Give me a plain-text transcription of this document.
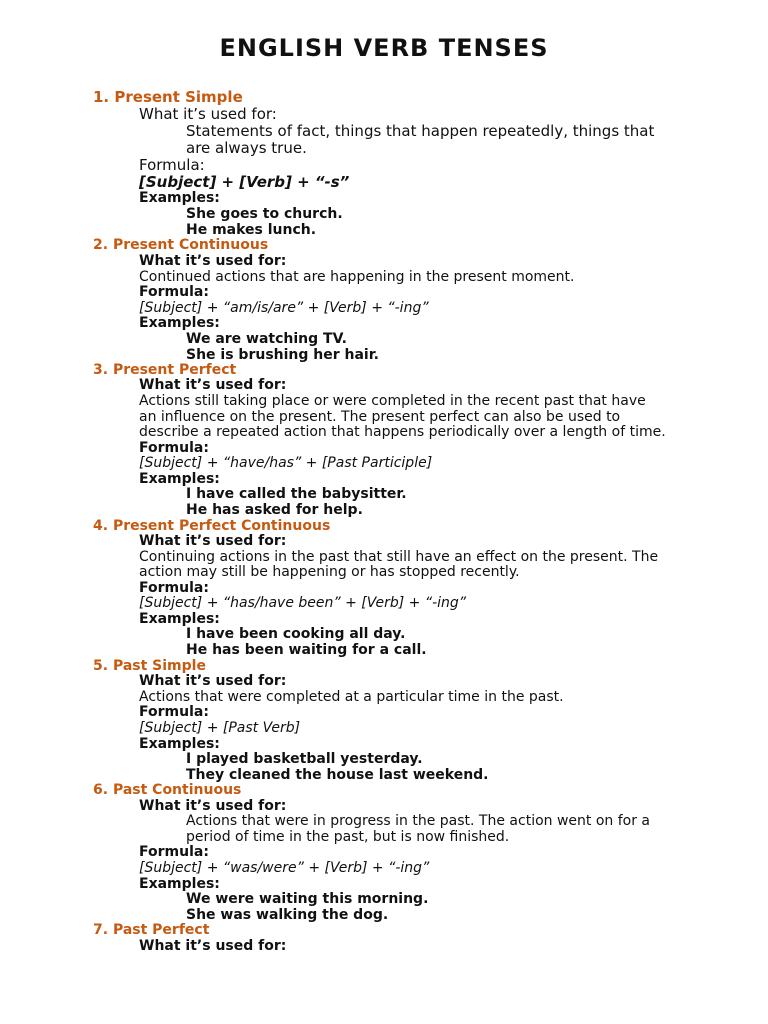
ENGLISH VERB TENSES
1. Present Simple
What it’s used for:
Statements of fact, things that happen repeatedly, things that
are always true.
Formula:
[Subject] + [Verb] + “-s”
Examples:
She goes to church.
He makes lunch.
2. Present Continuous
What it’s used for:
Continued actions that are happening in the present moment.
Formula:
[Subject] + “am/is/are” + [Verb] + “-ing”
Examples:
We are watching TV.
She is brushing her hair.
3. Present Perfect
What it’s used for:
Actions still taking place or were completed in the recent past that have
an influence on the present. The present perfect can also be used to
describe a repeated action that happens periodically over a length of time.
Formula:
[Subject] + “have/has” + [Past Participle]
Examples:
I have called the babysitter.
He has asked for help.
4. Present Perfect Continuous
What it’s used for:
Continuing actions in the past that still have an effect on the present. The
action may still be happening or has stopped recently.
Formula:
[Subject] + “has/have been” + [Verb] + “-ing”
Examples:
I have been cooking all day.
He has been waiting for a call.
5. Past Simple
What it’s used for:
Actions that were completed at a particular time in the past.
Formula:
[Subject] + [Past Verb]
Examples:
I played basketball yesterday.
They cleaned the house last weekend.
6. Past Continuous
What it’s used for:
Actions that were in progress in the past. The action went on for a
period of time in the past, but is now finished.
Formula:
[Subject] + “was/were” + [Verb] + “-ing”
Examples:
We were waiting this morning.
She was walking the dog.
7. Past Perfect
What it’s used for:
